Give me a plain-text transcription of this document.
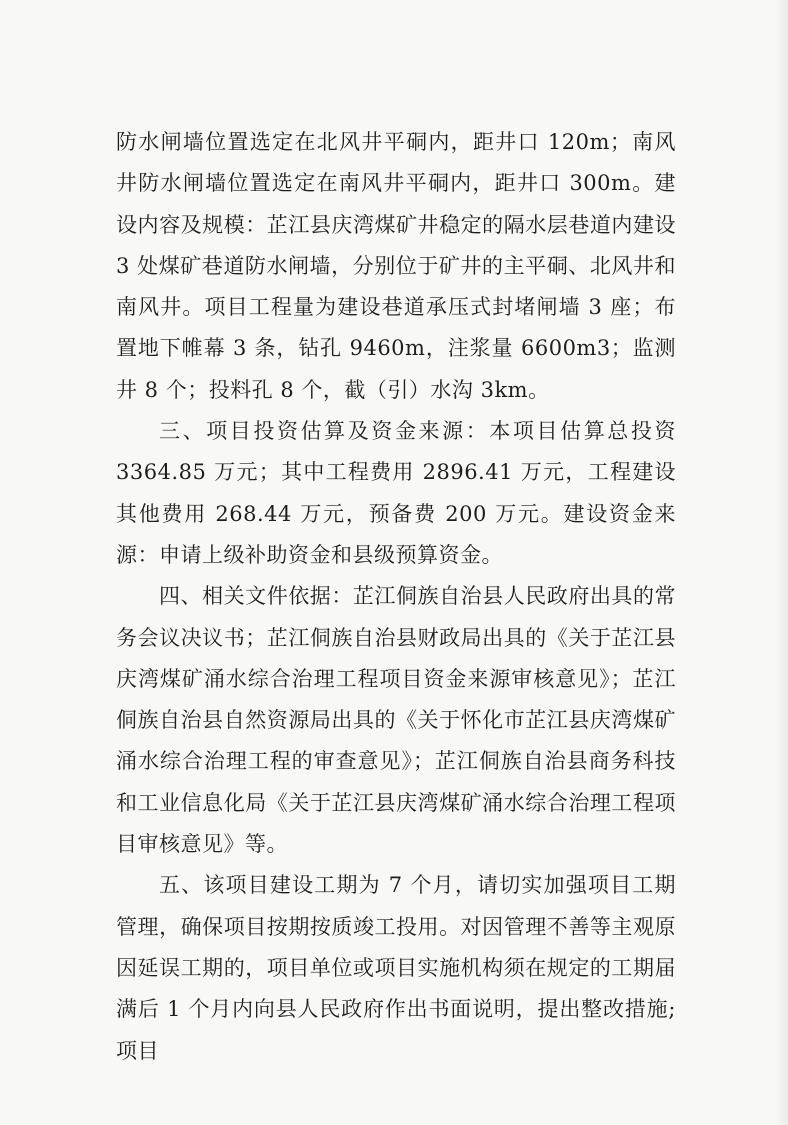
防水闸墙位置选定在北风井平硐内，距井口 120m；南风井防水闸墙位置选定在南风井平硐内，距井口 300m。建设内容及规模：芷江县庆湾煤矿井稳定的隔水层巷道内建设 3 处煤矿巷道防水闸墙，分别位于矿井的主平硐、北风井和南风井。项目工程量为建设巷道承压式封堵闸墙 3 座；布置地下帷幕 3 条，钻孔 9460m，注浆量 6600m3；监测井 8 个；投料孔 8 个，截（引）水沟 3km。

三、项目投资估算及资金来源：本项目估算总投资 3364.85 万元；其中工程费用 2896.41 万元，工程建设其他费用 268.44 万元，预备费 200 万元。建设资金来源：申请上级补助资金和县级预算资金。

四、相关文件依据：芷江侗族自治县人民政府出具的常务会议决议书；芷江侗族自治县财政局出具的《关于芷江县庆湾煤矿涌水综合治理工程项目资金来源审核意见》；芷江侗族自治县自然资源局出具的《关于怀化市芷江县庆湾煤矿涌水综合治理工程的审查意见》；芷江侗族自治县商务科技和工业信息化局《关于芷江县庆湾煤矿涌水综合治理工程项目审核意见》等。

五、该项目建设工期为 7 个月，请切实加强项目工期管理，确保项目按期按质竣工投用。对因管理不善等主观原因延误工期的，项目单位或项目实施机构须在规定的工期届满后 1 个月内向县人民政府作出书面说明，提出整改措施;项目
